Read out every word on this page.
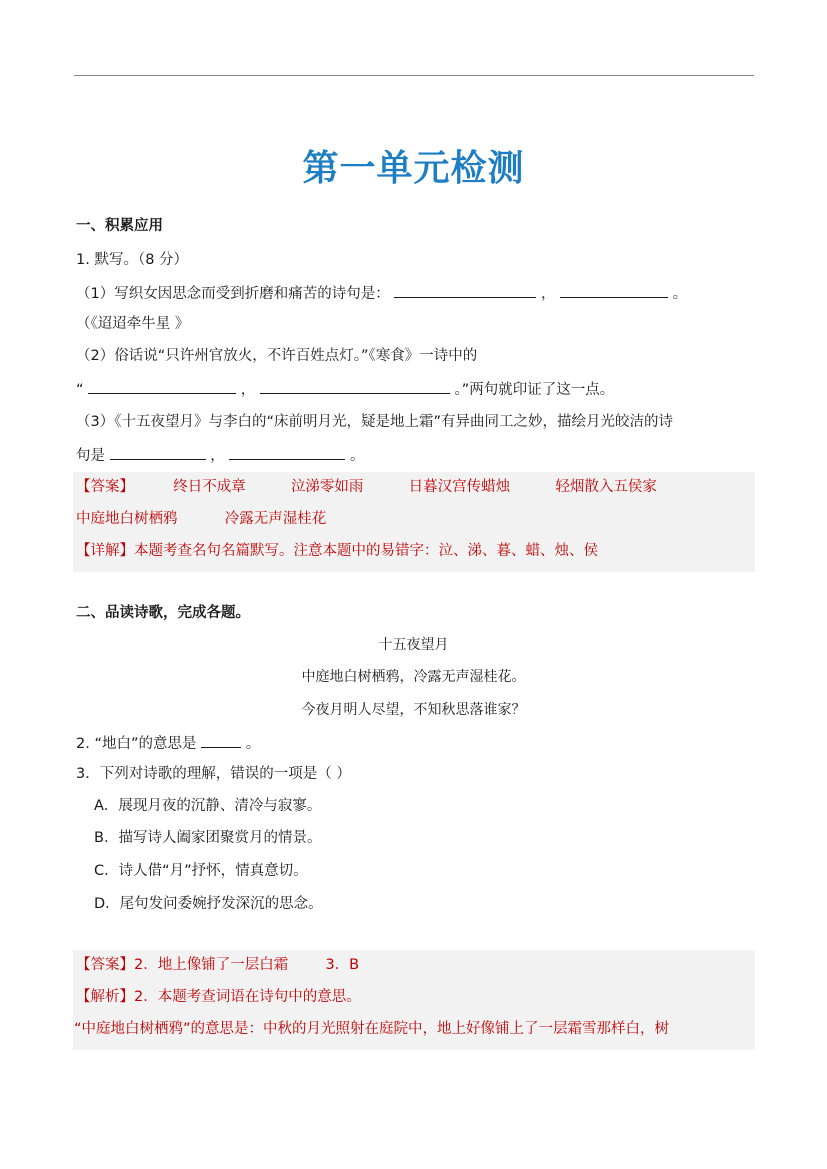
第一单元检测
一、积累应用
1. 默写。（8 分）
（1）写织女因思念而受到折磨和痛苦的诗句是：	，	。
（《迢迢牵牛星 》
（2）俗话说“只许州官放火，不许百姓点灯。”《寒食》一诗中的
“	，	。”两句就印证了这一点。
（3）《十五夜望月》与李白的“床前明月光，疑是地上霜”有异曲同工之妙，描绘月光皎洁的诗
句是	，	。
【答案】	终日不成章	泣涕零如雨	日暮汉宫传蜡烛	轻烟散入五侯家
中庭地白树栖鸦	冷露无声湿桂花
【详解】本题考查名句名篇默写。注意本题中的易错字：泣、涕、暮、蜡、烛、侯
二、品读诗歌，完成各题。
十五夜望月
中庭地白树栖鸦，冷露无声湿桂花。
今夜月明人尽望，不知秋思落谁家？
2. “地白”的意思是	。
3．下列对诗歌的理解，错误的一项是（ ）
A．展现月夜的沉静、清冷与寂寥。
B．描写诗人阖家团聚赏月的情景。
C．诗人借“月”抒怀，情真意切。
D．尾句发问委婉抒发深沉的思念。
【答案】2．地上像铺了一层白霜	3．B
【解析】2．本题考查词语在诗句中的意思。
“中庭地白树栖鸦”的意思是：中秋的月光照射在庭院中，地上好像铺上了一层霜雪那样白，树
